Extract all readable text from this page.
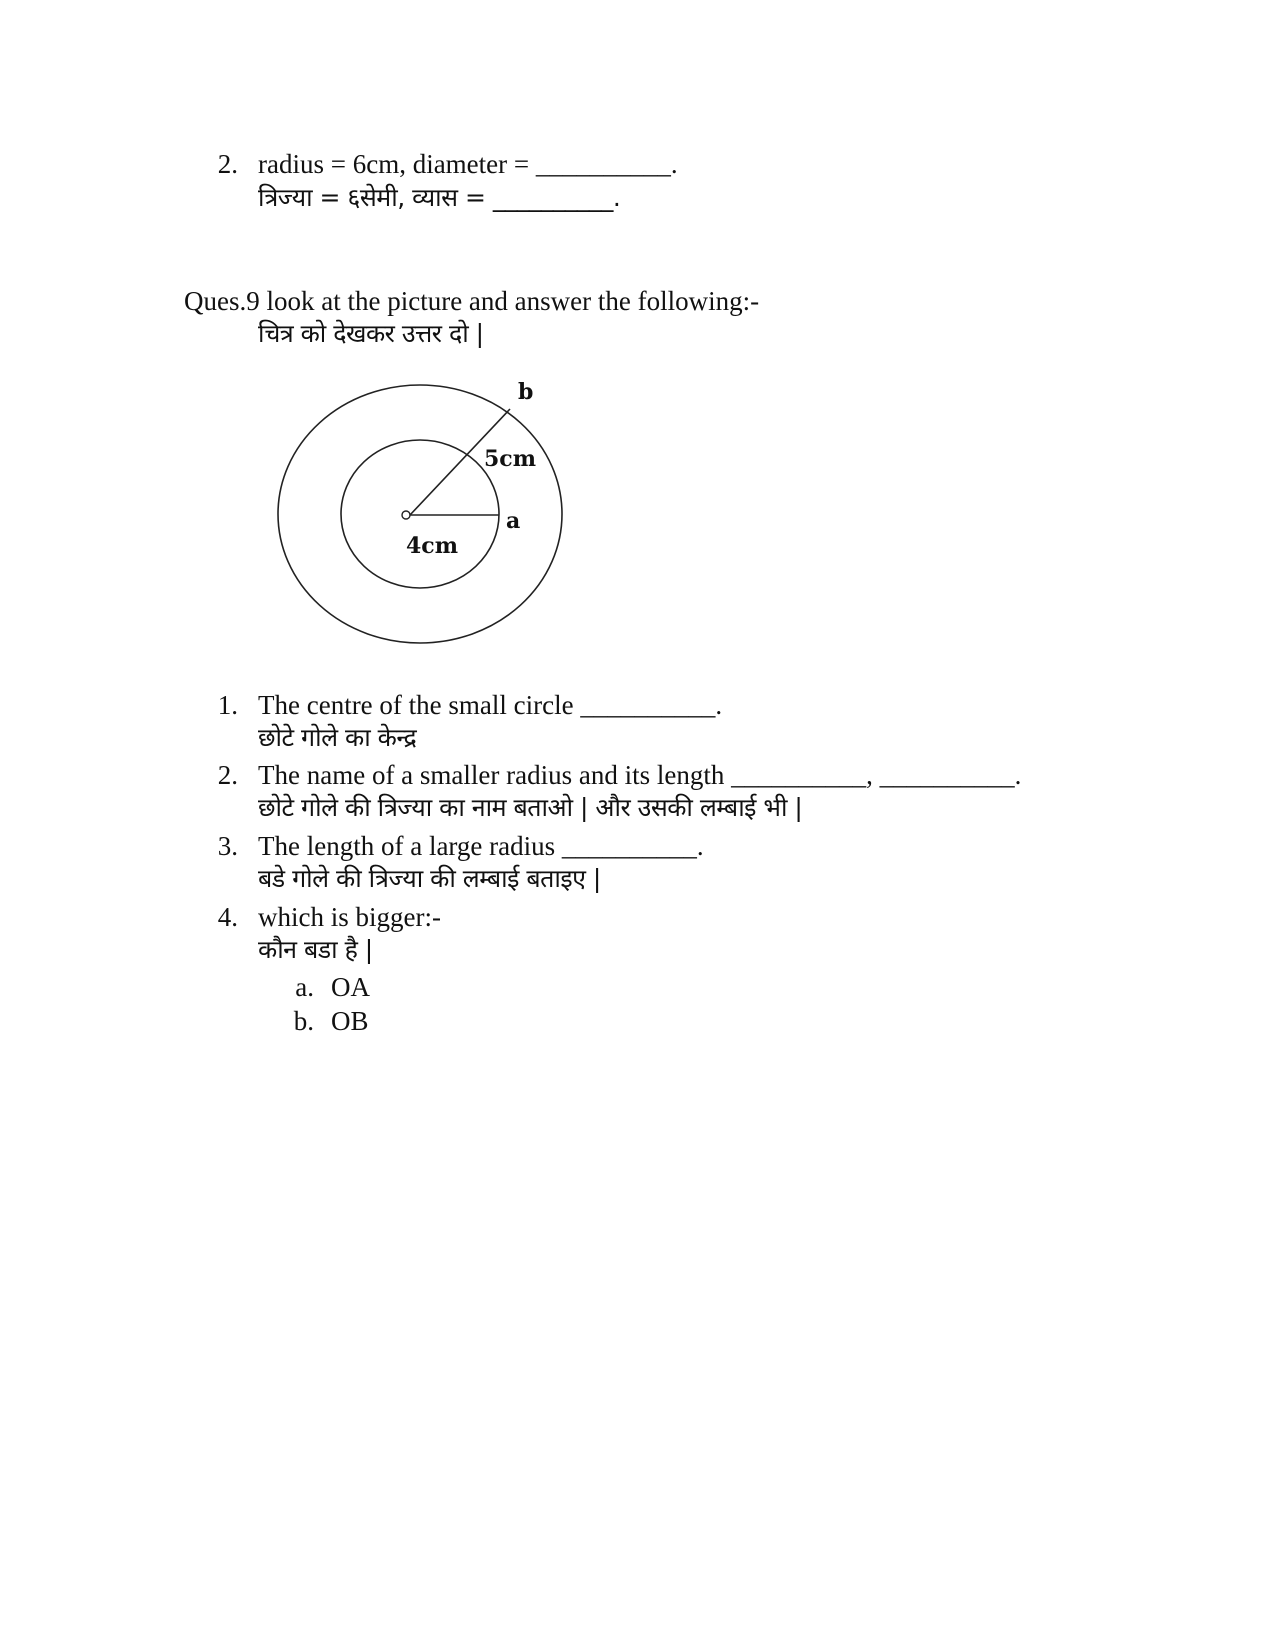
2. radius = 6cm, diameter = __________.
त्रिज्या = ६सेमी, व्यास = __________.
Ques.9 look at the picture and answer the following:-
चित्र को देखकर उत्तर दो |
b
5cm
a
4cm
1. The centre of the small circle __________.
छोटे गोले का केन्द्र
2. The name of a smaller radius and its length __________, __________.
छोटे गोले की त्रिज्या का नाम बताओ | और उसकी लम्बाई भी |
3. The length of a large radius __________.
बडे गोले की त्रिज्या की लम्बाई बताइए |
4. which is bigger:-
कौन बडा है |
a. OA
b. OB
